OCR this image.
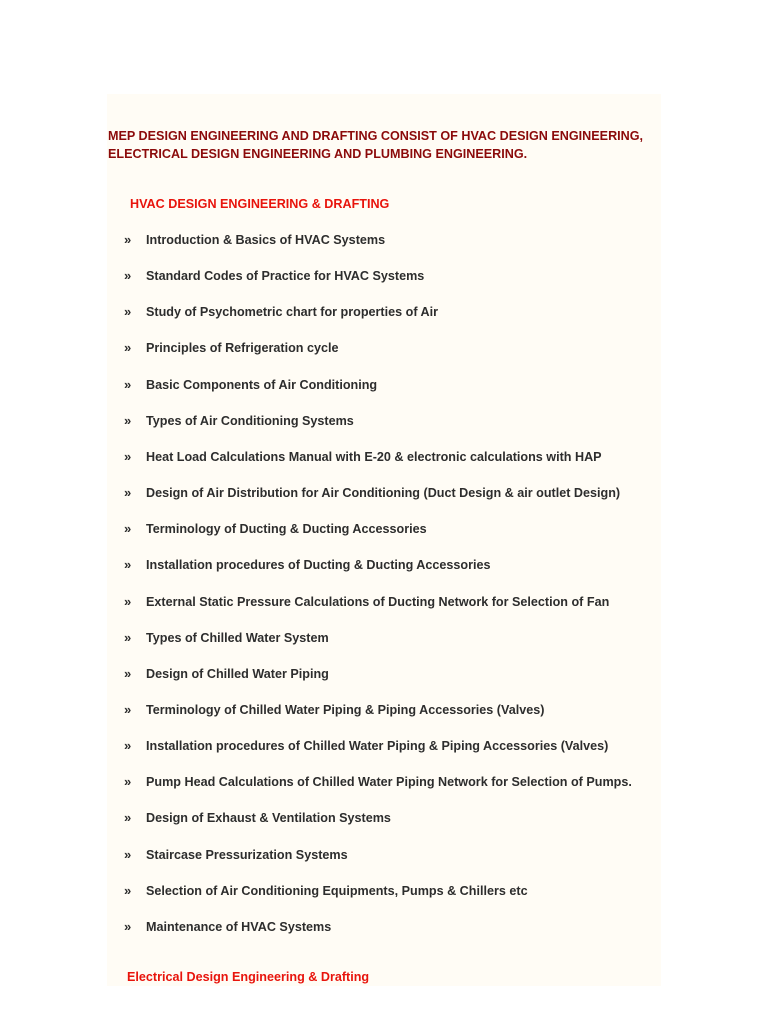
MEP DESIGN ENGINEERING AND DRAFTING CONSIST OF HVAC DESIGN ENGINEERING, ELECTRICAL DESIGN ENGINEERING AND PLUMBING ENGINEERING.

HVAC DESIGN ENGINEERING & DRAFTING
» Introduction & Basics of HVAC Systems
» Standard Codes of Practice for HVAC Systems
» Study of Psychometric chart for properties of Air
» Principles of Refrigeration cycle
» Basic Components of Air Conditioning
» Types of Air Conditioning Systems
» Heat Load Calculations Manual with E-20 & electronic calculations with HAP
» Design of Air Distribution for Air Conditioning (Duct Design & air outlet Design)
» Terminology of Ducting & Ducting Accessories
» Installation procedures of Ducting & Ducting Accessories
» External Static Pressure Calculations of Ducting Network for Selection of Fan
» Types of Chilled Water System
» Design of Chilled Water Piping
» Terminology of Chilled Water Piping & Piping Accessories (Valves)
» Installation procedures of Chilled Water Piping & Piping Accessories (Valves)
» Pump Head Calculations of Chilled Water Piping Network for Selection of Pumps.
» Design of Exhaust & Ventilation Systems
» Staircase Pressurization Systems
» Selection of Air Conditioning Equipments, Pumps & Chillers etc
» Maintenance of HVAC Systems
Electrical Design Engineering & Drafting
